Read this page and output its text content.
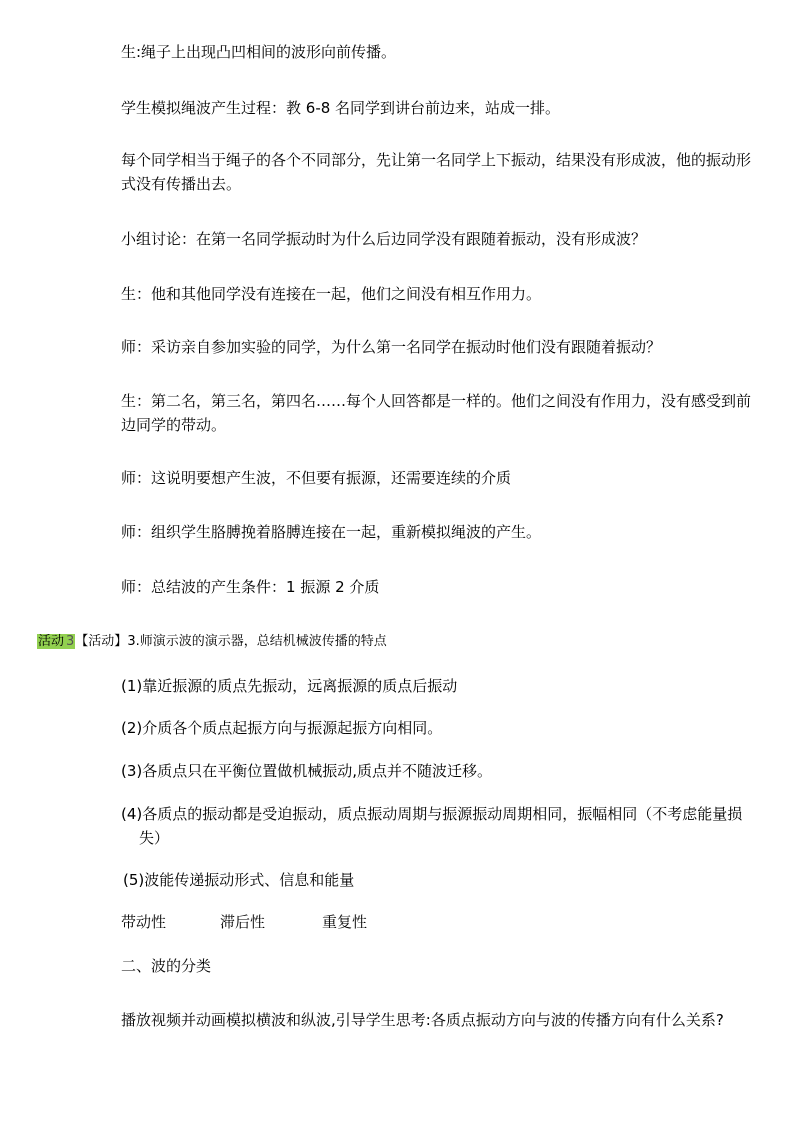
生:绳子上出现凸凹相间的波形向前传播。

学生模拟绳波产生过程：教 6-8 名同学到讲台前边来，站成一排。

每个同学相当于绳子的各个不同部分，先让第一名同学上下振动，结果没有形成波，他的振动形式没有传播出去。

小组讨论：在第一名同学振动时为什么后边同学没有跟随着振动，没有形成波？

生：他和其他同学没有连接在一起，他们之间没有相互作用力。

师：采访亲自参加实验的同学，为什么第一名同学在振动时他们没有跟随着振动？

生：第二名，第三名，第四名……每个人回答都是一样的。他们之间没有作用力，没有感受到前边同学的带动。

师：这说明要想产生波，不但要有振源，还需要连续的介质

师：组织学生胳膊挽着胳膊连接在一起，重新模拟绳波的产生。

师：总结波的产生条件：1 振源 2 介质

活动 3【活动】3.师演示波的演示器，总结机械波传播的特点
(1)靠近振源的质点先振动，远离振源的质点后振动
(2)介质各个质点起振方向与振源起振方向相同。
(3)各质点只在平衡位置做机械振动,质点并不随波迁移。
(4)各质点的振动都是受迫振动，质点振动周期与振源振动周期相同，振幅相同（不考虑能量损失）
(5)波能传递振动形式、信息和能量
带动性	滞后性	重复性

二、波的分类

播放视频并动画模拟横波和纵波,引导学生思考:各质点振动方向与波的传播方向有什么关系?
